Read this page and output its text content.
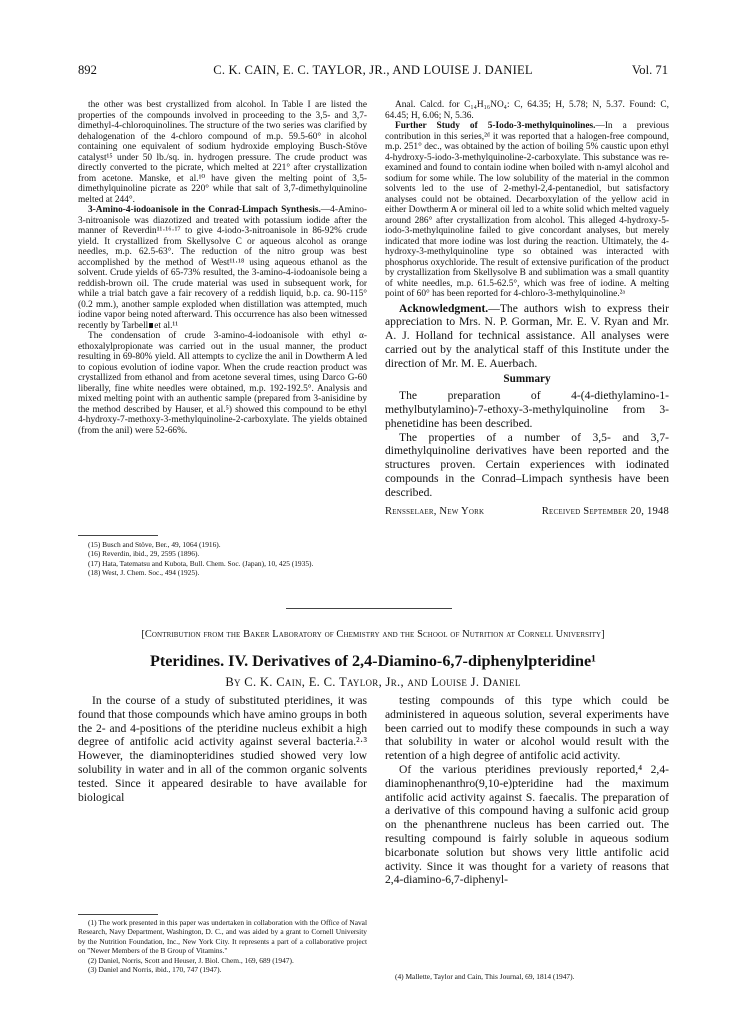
892	C. K. CAIN, E. C. TAYLOR, JR., AND LOUISE J. DANIEL	Vol. 71

the other was best crystallized from alcohol. In Table I are listed the properties of the compounds involved in proceeding to the 3,5- and 3,7-dimethyl-4-chloroquinolines. The structure of the two series was clarified by dehalogenation of the 4-chloro compound of m.p. 59.5-60° in alcohol containing one equivalent of sodium hydroxide employing Busch-Stöve catalyst¹⁵ under 50 lb./sq. in. hydrogen pressure. The crude product was directly converted to the picrate, which melted at 221° after crystallization from acetone. Manske, et al.¹⁰ have given the melting point of 3,5-dimethylquinoline picrate as 220° while that salt of 3,7-dimethylquinoline melted at 244°.

3-Amino-4-iodoanisole in the Conrad-Limpach Synthesis.—4-Amino-3-nitroanisole was diazotized and treated with potassium iodide after the manner of Reverdin¹¹·¹⁶·¹⁷ to give 4-iodo-3-nitroanisole in 86-92% crude yield. It crystallized from Skellysolve C or aqueous alcohol as orange needles, m.p. 62.5-63°. The reduction of the nitro group was best accomplished by the method of West¹¹·¹⁸ using aqueous ethanol as the solvent. Crude yields of 65-73% resulted, the 3-amino-4-iodoanisole being a reddish-brown oil. The crude material was used in subsequent work, for while a trial batch gave a fair recovery of a reddish liquid, b.p. ca. 90-115° (0.2 mm.), another sample exploded when distillation was attempted, much iodine vapor being noted afterward. This occurrence has also been witnessed recently by Tarbell et al.¹¹

The condensation of crude 3-amino-4-iodoanisole with ethyl α-ethoxalylpropionate was carried out in the usual manner, the product resulting in 69-80% yield. All attempts to cyclize the anil in Dowtherm A led to copious evolution of iodine vapor. When the crude reaction product was crystallized from ethanol and from acetone several times, using Darco G-60 liberally, fine white needles were obtained, m.p. 192-192.5°. Analysis and mixed melting point with an authentic sample (prepared from 3-anisidine by the method described by Hauser, et al.⁵) showed this compound to be ethyl 4-hydroxy-7-methoxy-3-methylquinoline-2-carboxylate. The yields obtained (from the anil) were 52-66%.

(15) Busch and Stöve, Ber., 49, 1064 (1916).

(16) Reverdin, ibid., 29, 2595 (1896).

(17) Hata, Tatematsu and Kubota, Bull. Chem. Soc. (Japan), 10, 425 (1935).

(18) West, J. Chem. Soc., 494 (1925).

Anal. Calcd. for C₁₄H₁₆NO₄: C, 64.35; H, 5.78; N, 5.37. Found: C, 64.45; H, 6.06; N, 5.36.

Further Study of 5-Iodo-3-methylquinolines.—In a previous contribution in this series,²ᵈ it was reported that a halogen-free compound, m.p. 251° dec., was obtained by the action of boiling 5% caustic upon ethyl 4-hydroxy-5-iodo-3-methylquinoline-2-carboxylate. This substance was re-examined and found to contain iodine when boiled with n-amyl alcohol and sodium for some while. The low solubility of the material in the common solvents led to the use of 2-methyl-2,4-pentanediol, but satisfactory analyses could not be obtained. Decarboxylation of the yellow acid in either Dowtherm A or mineral oil led to a white solid which melted vaguely around 286° after crystallization from alcohol. This alleged 4-hydroxy-5-iodo-3-methylquinoline failed to give concordant analyses, but merely indicated that more iodine was lost during the reaction. Ultimately, the 4-hydroxy-3-methylquinoline type so obtained was interacted with phosphorus oxychloride. The result of extensive purification of the product by crystallization from Skellysolve B and sublimation was a small quantity of white needles, m.p. 61.5-62.5°, which was free of iodine. A melting point of 60° has been reported for 4-chloro-3-methylquinoline.²ᵃ

Acknowledgment.—The authors wish to express their appreciation to Mrs. N. P. Gorman, Mr. E. V. Ryan and Mr. A. J. Holland for technical assistance. All analyses were carried out by the analytical staff of this Institute under the direction of Mr. M. E. Auerbach.

Summary

The preparation of 4-(4-diethylamino-1-methylbutylamino)-7-ethoxy-3-methylquinoline from 3-phenetidine has been described.

The properties of a number of 3,5- and 3,7-dimethylquinoline derivatives have been reported and the structures proven. Certain experiences with iodinated compounds in the Conrad–Limpach synthesis have been described.

Rensselaer, New York	Received September 20, 1948
[Contribution from the Baker Laboratory of Chemistry and the School of Nutrition at Cornell University]
Pteridines. IV. Derivatives of 2,4-Diamino-6,7-diphenylpteridine¹
By C. K. Cain, E. C. Taylor, Jr., and Louise J. Daniel

In the course of a study of substituted pteridines, it was found that those compounds which have amino groups in both the 2- and 4-positions of the pteridine nucleus exhibit a high degree of antifolic acid activity against several bacteria.²·³ However, the diaminopteridines studied showed very low solubility in water and in all of the common organic solvents tested. Since it appeared desirable to have available for biological

(1) The work presented in this paper was undertaken in collaboration with the Office of Naval Research, Navy Department, Washington, D. C., and was aided by a grant to Cornell University by the Nutrition Foundation, Inc., New York City. It represents a part of a collaborative project on "Newer Members of the B Group of Vitamins."

(2) Daniel, Norris, Scott and Heuser, J. Biol. Chem., 169, 689 (1947).

(3) Daniel and Norris, ibid., 170, 747 (1947).

testing compounds of this type which could be administered in aqueous solution, several experiments have been carried out to modify these compounds in such a way that solubility in water or alcohol would result with the retention of a high degree of antifolic acid activity.

Of the various pteridines previously reported,⁴ 2,4-diaminophenanthro(9,10-e)pteridine had the maximum antifolic acid activity against S. faecalis. The preparation of a derivative of this compound having a sulfonic acid group on the phenanthrene nucleus has been carried out. The resulting compound is fairly soluble in aqueous sodium bicarbonate solution but shows very little antifolic acid activity. Since it was thought for a variety of reasons that 2,4-diamino-6,7-diphenyl-

(4) Mallette, Taylor and Cain, This Journal, 69, 1814 (1947).
